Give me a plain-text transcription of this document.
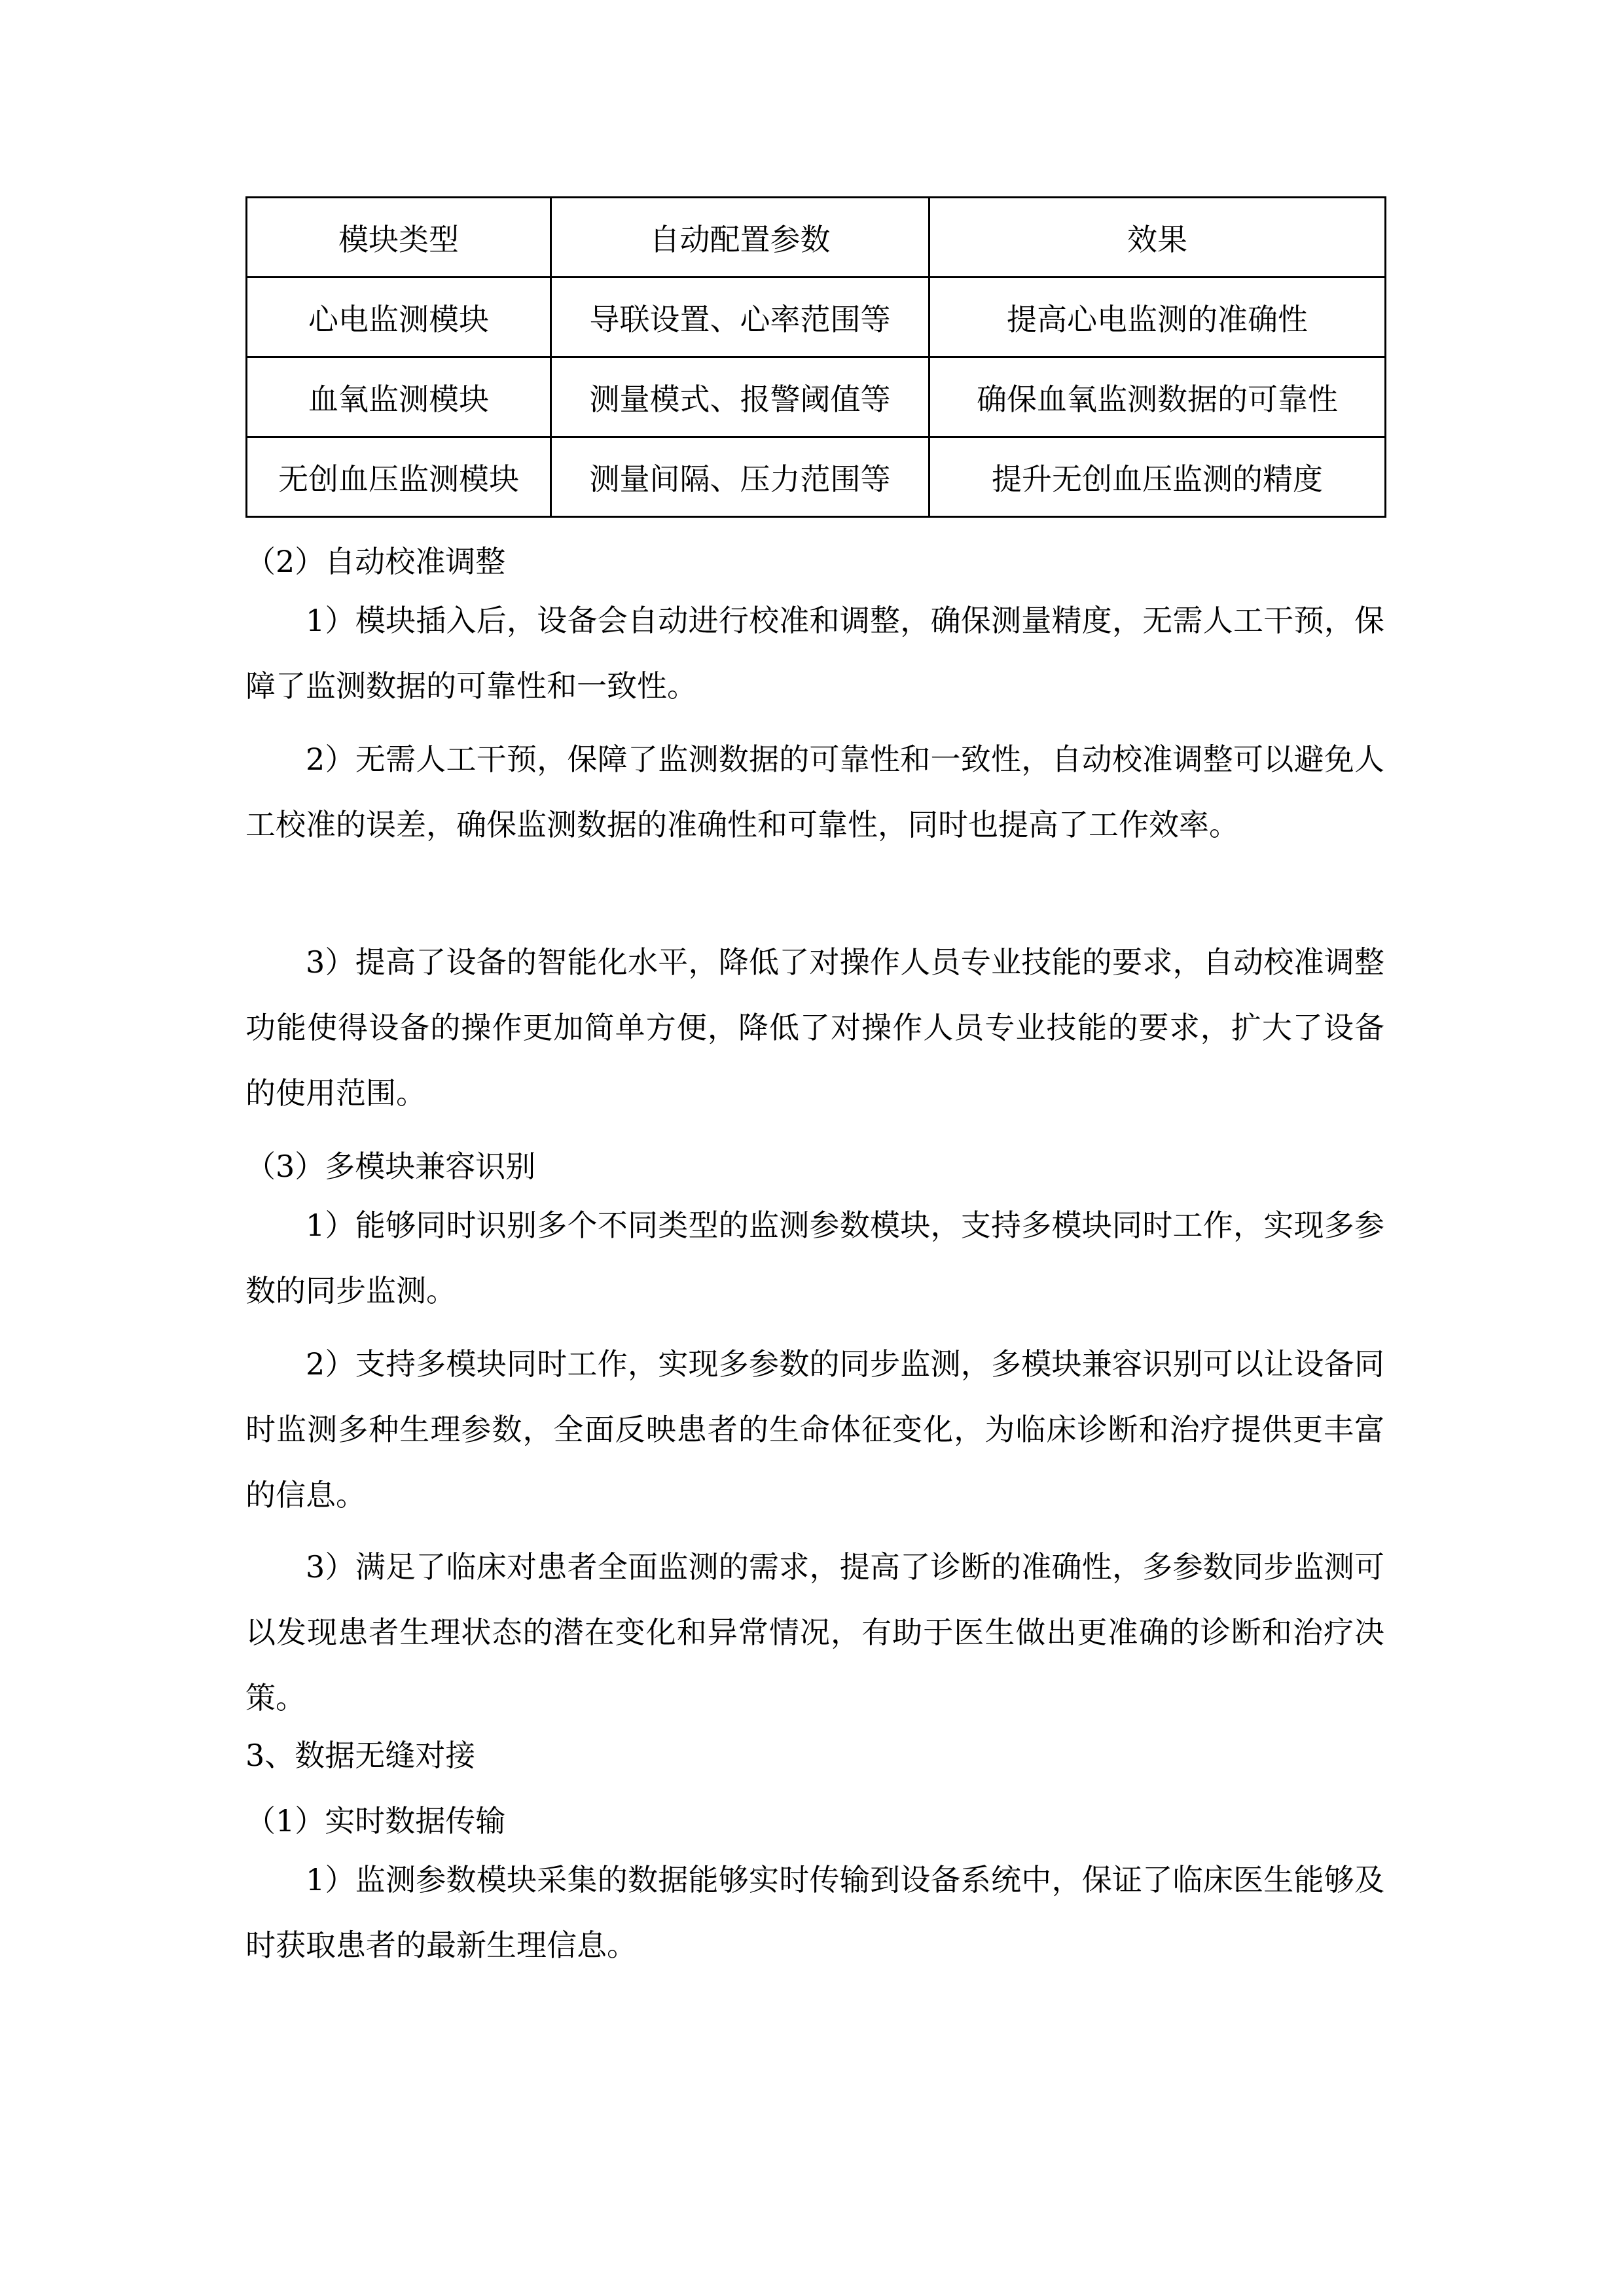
模块类型	自动配置参数	效果
心电监测模块	导联设置、心率范围等	提高心电监测的准确性
血氧监测模块	测量模式、报警阈值等	确保血氧监测数据的可靠性
无创血压监测模块	测量间隔、压力范围等	提升无创血压监测的精度
（2）自动校准调整
1）模块插入后，设备会自动进行校准和调整，确保测量精度，无需人工干预，保障了监测数据的可靠性和一致性。
2）无需人工干预，保障了监测数据的可靠性和一致性，自动校准调整可以避免人工校准的误差，确保监测数据的准确性和可靠性，同时也提高了工作效率。
3）提高了设备的智能化水平，降低了对操作人员专业技能的要求，自动校准调整功能使得设备的操作更加简单方便，降低了对操作人员专业技能的要求，扩大了设备的使用范围。
（3）多模块兼容识别
1）能够同时识别多个不同类型的监测参数模块，支持多模块同时工作，实现多参数的同步监测。
2）支持多模块同时工作，实现多参数的同步监测，多模块兼容识别可以让设备同时监测多种生理参数，全面反映患者的生命体征变化，为临床诊断和治疗提供更丰富的信息。
3）满足了临床对患者全面监测的需求，提高了诊断的准确性，多参数同步监测可以发现患者生理状态的潜在变化和异常情况，有助于医生做出更准确的诊断和治疗决策。
3、数据无缝对接
（1）实时数据传输
1）监测参数模块采集的数据能够实时传输到设备系统中，保证了临床医生能够及时获取患者的最新生理信息。
